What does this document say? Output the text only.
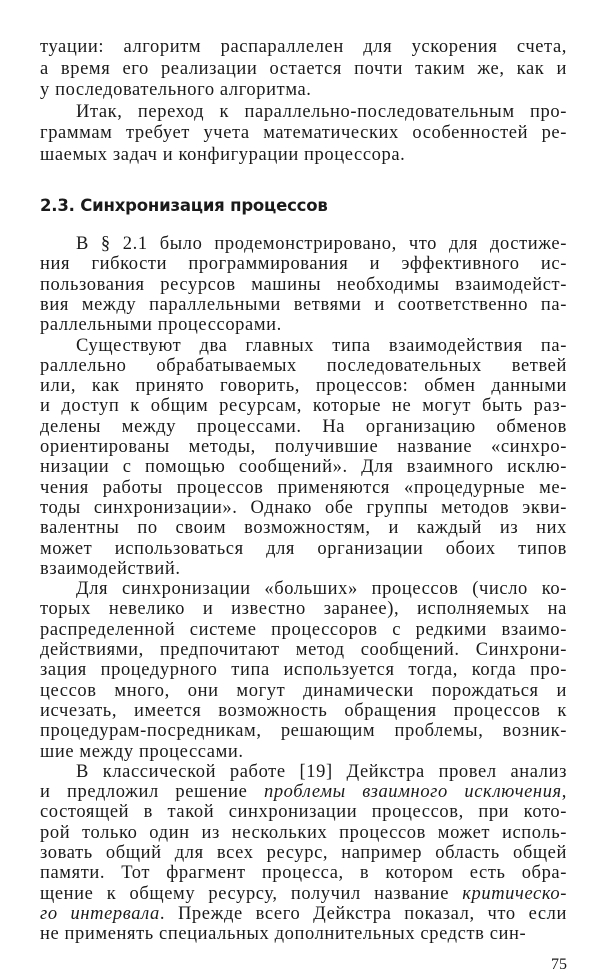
туации: алгоритм распараллелен для ускорения счета,
а время его реализации остается почти таким же, как и
у последовательного алгоритма.
Итак, переход к параллельно-последовательным про-
граммам требует учета математических особенностей ре-
шаемых задач и конфигурации процессора.
2.3. Синхронизация процессов
В § 2.1 было продемонстрировано, что для достиже-
ния гибкости программирования и эффективного ис-
пользования ресурсов машины необходимы взаимодейст-
вия между параллельными ветвями и соответственно па-
раллельными процессорами.
Существуют два главных типа взаимодействия па-
раллельно обрабатываемых последовательных ветвей
или, как принято говорить, процессов: обмен данными
и доступ к общим ресурсам, которые не могут быть раз-
делены между процессами. На организацию обменов
ориентированы методы, получившие название «синхро-
низации с помощью сообщений». Для взаимного исклю-
чения работы процессов применяются «процедурные ме-
тоды синхронизации». Однако обе группы методов экви-
валентны по своим возможностям, и каждый из них
может использоваться для организации обоих типов
взаимодействий.
Для синхронизации «больших» процессов (число ко-
торых невелико и известно заранее), исполняемых на
распределенной системе процессоров с редкими взаимо-
действиями, предпочитают метод сообщений. Синхрони-
зация процедурного типа используется тогда, когда про-
цессов много, они могут динамически порождаться и
исчезать, имеется возможность обращения процессов к
процедурам-посредникам, решающим проблемы, возник-
шие между процессами.
В классической работе [19] Дейкстра провел анализ
и предложил решение проблемы взаимного исключения,
состоящей в такой синхронизации процессов, при кото-
рой только один из нескольких процессов может исполь-
зовать общий для всех ресурс, например область общей
памяти. Тот фрагмент процесса, в котором есть обра-
щение к общему ресурсу, получил название критическо-
го интервала. Прежде всего Дейкстра показал, что если
не применять специальных дополнительных средств син-
75
